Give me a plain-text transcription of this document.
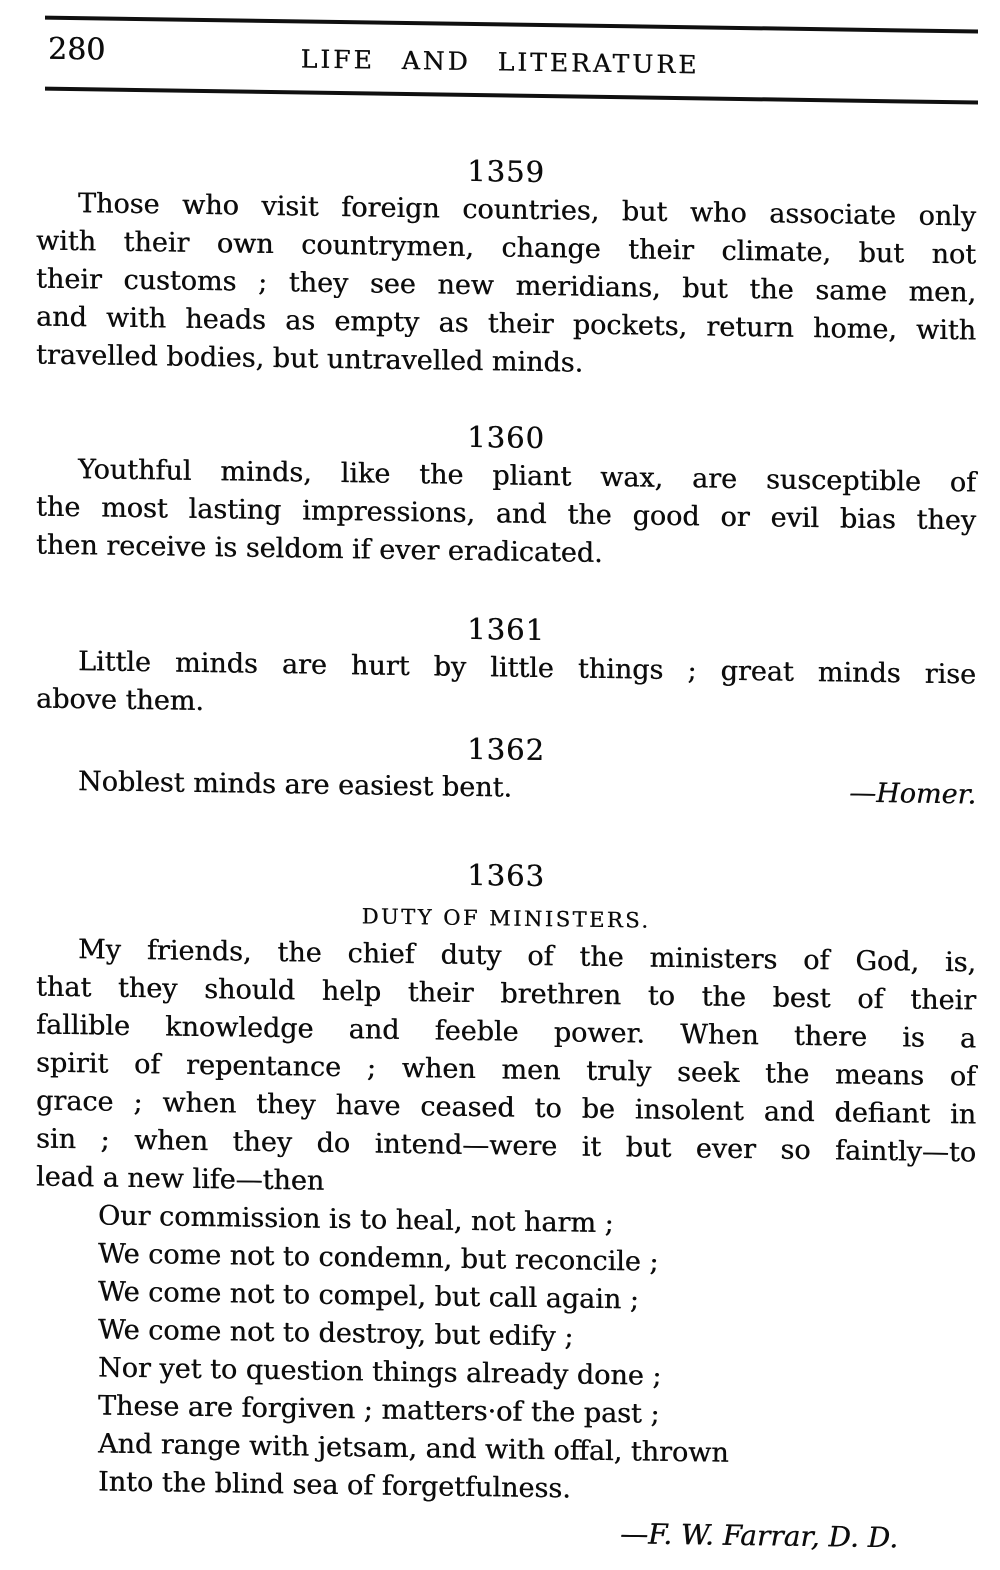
280	LIFE AND LITERATURE
1359
Those who visit foreign countries, but who associate only
with their own countrymen, change their climate, but not
their customs ; they see new meridians, but the same men,
and with heads as empty as their pockets, return home, with
travelled bodies, but untravelled minds.
1360
Youthful minds, like the pliant wax, are susceptible of
the most lasting impressions, and the good or evil bias they
then receive is seldom if ever eradicated.
1361
Little minds are hurt by little things ; great minds rise
above them.
1362
Noblest minds are easiest bent.	—Homer.
1363
DUTY OF MINISTERS.
My friends, the chief duty of the ministers of God, is,
that they should help their brethren to the best of their
fallible knowledge and feeble power. When there is a
spirit of repentance ; when men truly seek the means of
grace ; when they have ceased to be insolent and defiant in
sin ; when they do intend—were it but ever so faintly—to
lead a new life—then
Our commission is to heal, not harm ;
We come not to condemn, but reconcile ;
We come not to compel, but call again ;
We come not to destroy, but edify ;
Nor yet to question things already done ;
These are forgiven ; matters·of the past ;
And range with jetsam, and with offal, thrown
Into the blind sea of forgetfulness.
—F. W. Farrar, D. D.
